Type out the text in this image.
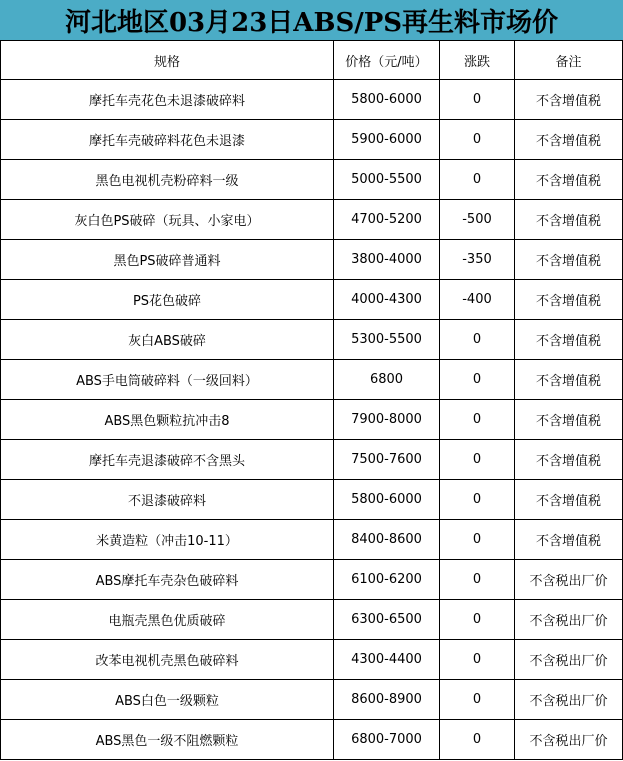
河北地区03月23日ABS/PS再生料市场价
规格	价格（元/吨）	涨跌	备注
摩托车壳花色未退漆破碎料	5800-6000	0	不含增值税
摩托车壳破碎料花色未退漆	5900-6000	0	不含增值税
黑色电视机壳粉碎料一级	5000-5500	0	不含增值税
灰白色PS破碎（玩具、小家电）	4700-5200	-500	不含增值税
黑色PS破碎普通料	3800-4000	-350	不含增值税
PS花色破碎	4000-4300	-400	不含增值税
灰白ABS破碎	5300-5500	0	不含增值税
ABS手电筒破碎料（一级回料）	6800	0	不含增值税
ABS黑色颗粒抗冲击8	7900-8000	0	不含增值税
摩托车壳退漆破碎不含黑头	7500-7600	0	不含增值税
不退漆破碎料	5800-6000	0	不含增值税
米黄造粒（冲击10-11）	8400-8600	0	不含增值税
ABS摩托车壳杂色破碎料	6100-6200	0	不含税出厂价
电瓶壳黑色优质破碎	6300-6500	0	不含税出厂价
改苯电视机壳黑色破碎料	4300-4400	0	不含税出厂价
ABS白色一级颗粒	8600-8900	0	不含税出厂价
ABS黑色一级不阻燃颗粒	6800-7000	0	不含税出厂价
